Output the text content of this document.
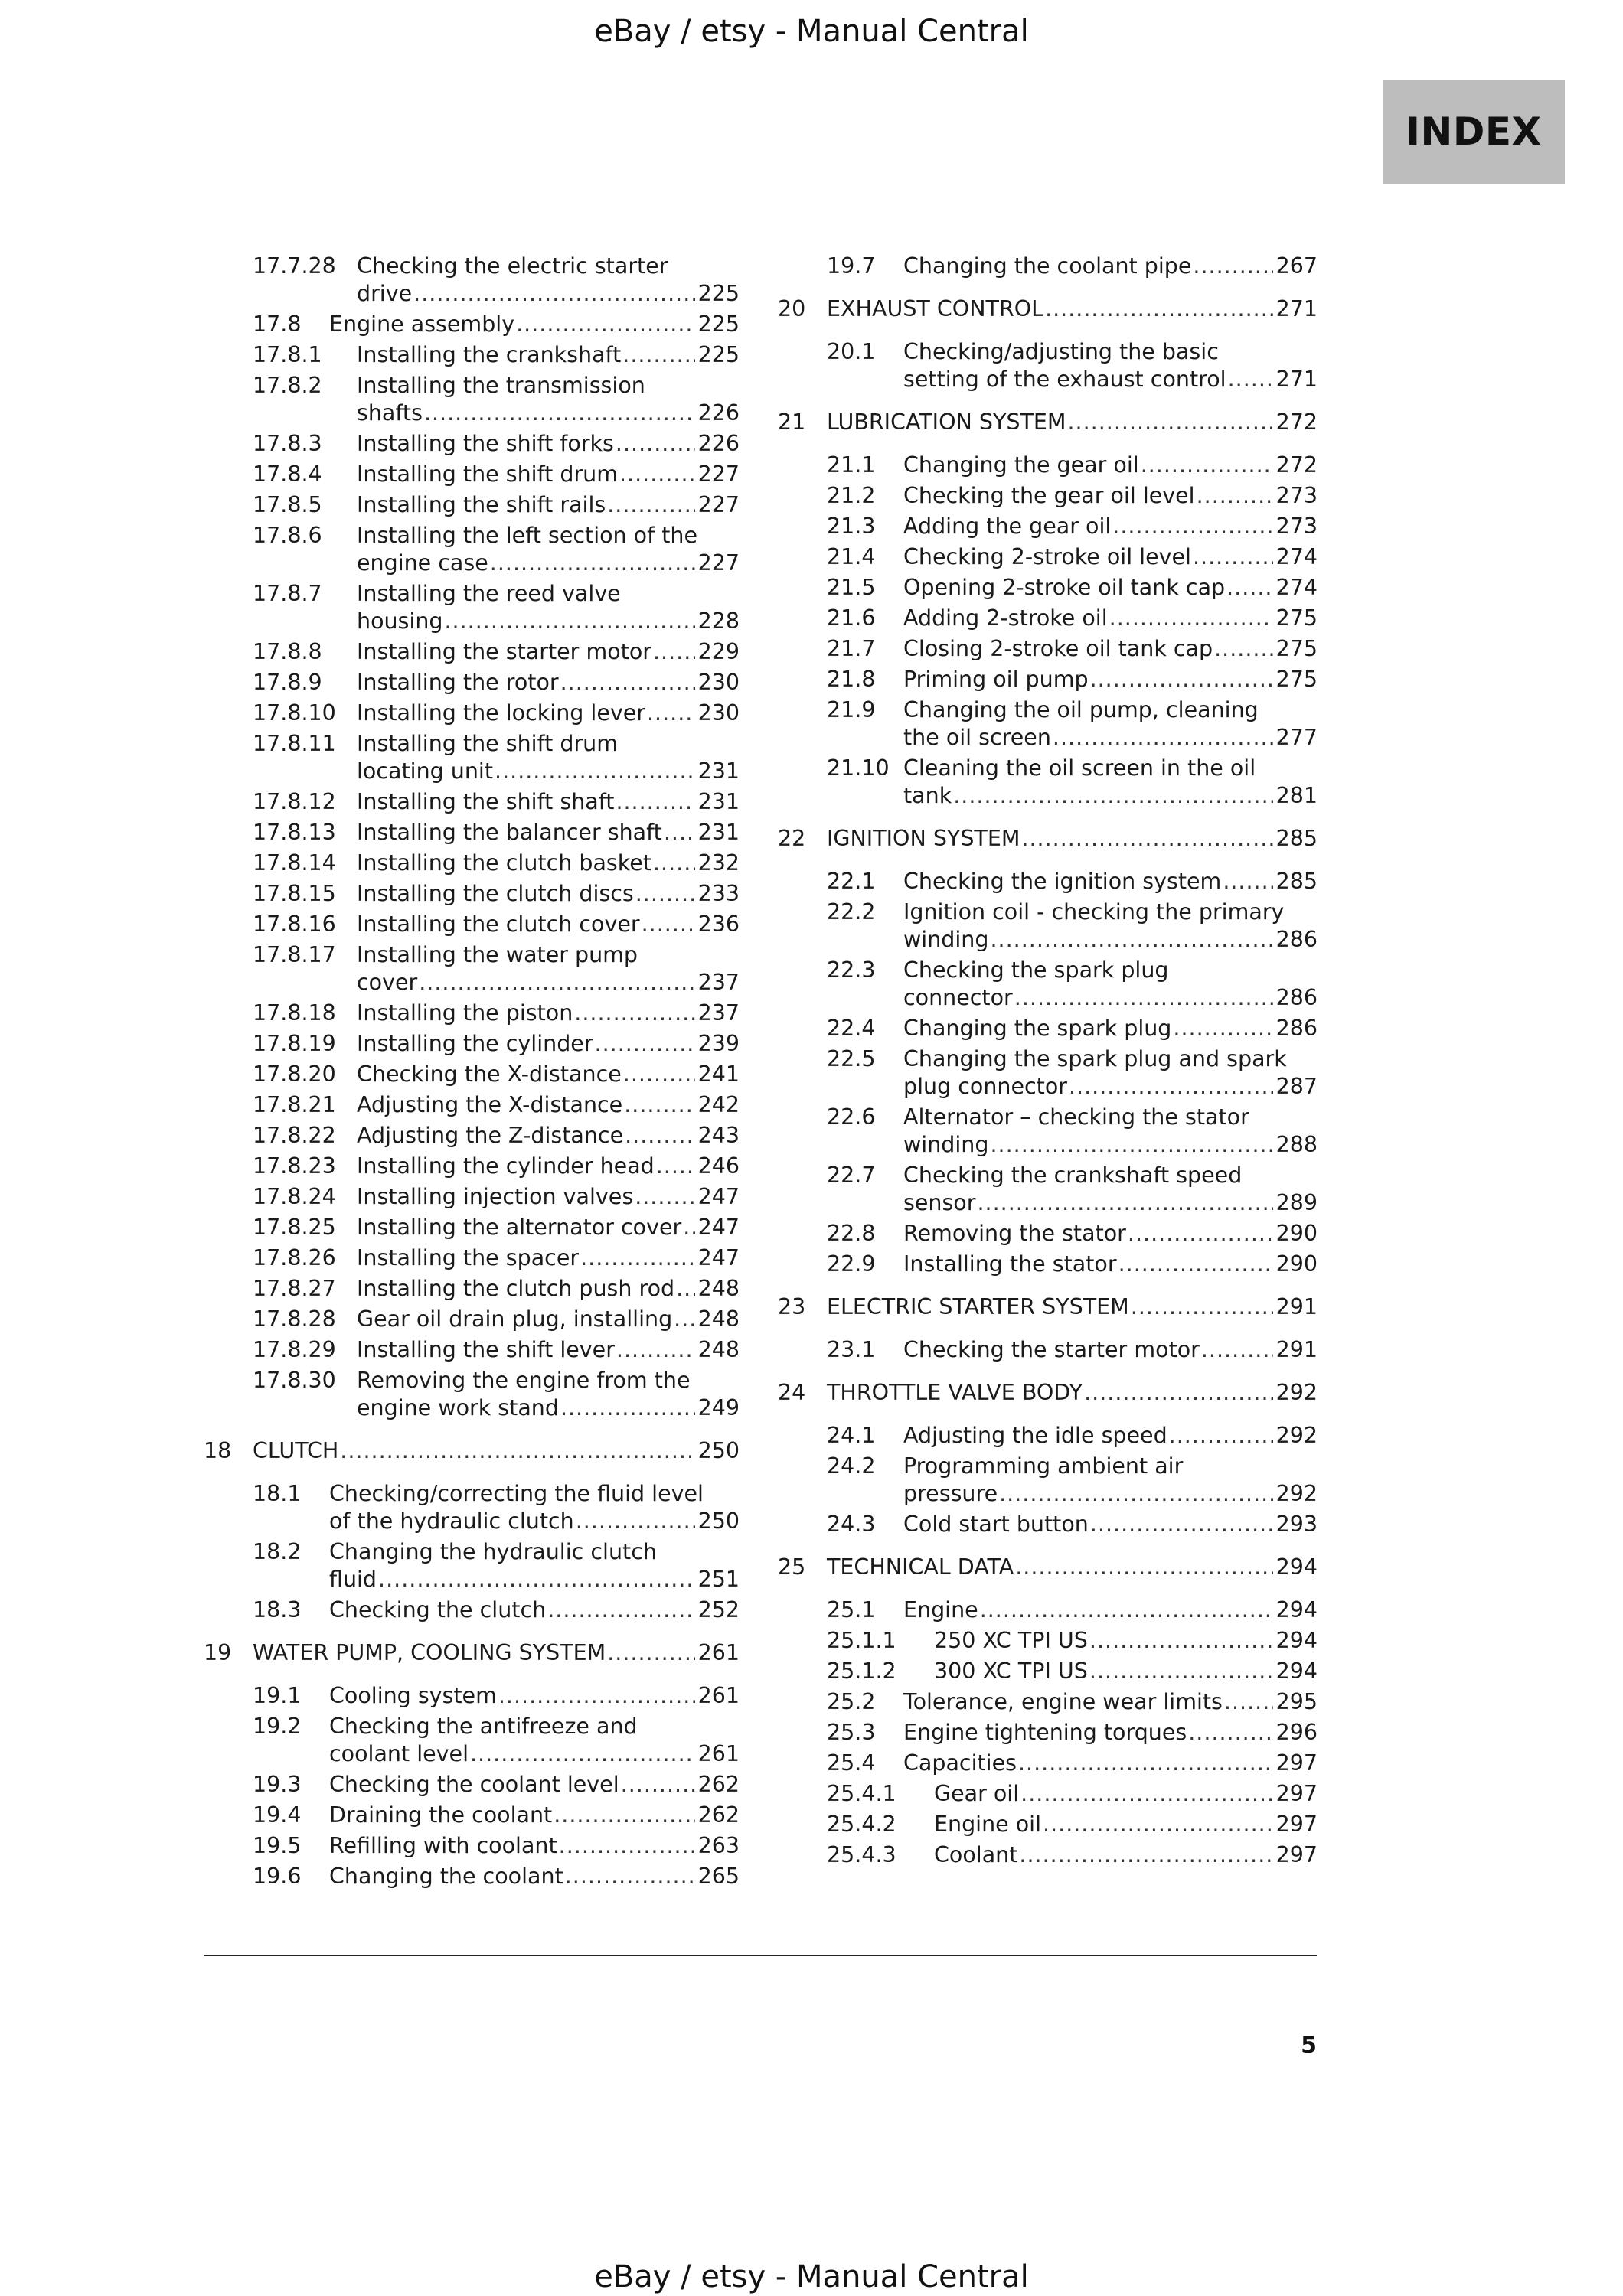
eBay / etsy - Manual Central
INDEX
17.7.28 Checking the electric starter
drive .....	225
17.8	Engine assembly .....	225
17.8.1	Installing the crankshaft .....	225
17.8.2	Installing the transmission
shafts .....	226
17.8.3	Installing the shift forks .....	226
17.8.4	Installing the shift drum .....	227
17.8.5	Installing the shift rails .....	227
17.8.6	Installing the left section of the
engine case .....	227
17.8.7	Installing the reed valve
housing .....	228
17.8.8	Installing the starter motor ..... 229
17.8.9	Installing the rotor .....	230
17.8.10 Installing the locking lever ..... 230
17.8.11 Installing the shift drum
locating unit .....	231
17.8.12 Installing the shift shaft .....	231
17.8.13 Installing the balancer shaft ..... 231
17.8.14 Installing the clutch basket ..... 232
17.8.15 Installing the clutch discs .....	233
17.8.16 Installing the clutch cover .....	236
17.8.17 Installing the water pump
cover .....	237
17.8.18 Installing the piston .....	237
17.8.19 Installing the cylinder .....	239
17.8.20 Checking the X-distance .....	241
17.8.21 Adjusting the X-distance .....	242
17.8.22 Adjusting the Z-distance .....	243
17.8.23 Installing the cylinder head ..... 246
17.8.24 Installing injection valves .....	247
17.8.25 Installing the alternator cover ..... 247
17.8.26 Installing the spacer .....	247
17.8.27 Installing the clutch push rod ..... 248
17.8.28 Gear oil drain plug, installing ..... 248
17.8.29 Installing the shift lever .....	248
17.8.30 Removing the engine from the
engine work stand .....	249
18 CLUTCH .....	250
18.1	Checking/correcting the fluid level
of the hydraulic clutch .....	250
18.2	Changing the hydraulic clutch
fluid .....	251
18.3	Checking the clutch .....	252
19 WATER PUMP, COOLING SYSTEM .....	261
19.1	Cooling system .....	261
19.2	Checking the antifreeze and
coolant level .....	261
19.3	Checking the coolant level .....	262
19.4	Draining the coolant .....	262
19.5	Refilling with coolant .....	263
19.6	Changing the coolant .....	265
19.7	Changing the coolant pipe .....	267
20 EXHAUST CONTROL .....	271
20.1	Checking/adjusting the basic
setting of the exhaust control ..... 271
21 LUBRICATION SYSTEM .....	272
21.1	Changing the gear oil .....	272
21.2	Checking the gear oil level .....	273
21.3	Adding the gear oil .....	273
21.4	Checking 2-stroke oil level .....	274
21.5	Opening 2-stroke oil tank cap ..... 274
21.6	Adding 2-stroke oil .....	275
21.7	Closing 2-stroke oil tank cap .....	275
21.8	Priming oil pump .....	275
21.9	Changing the oil pump, cleaning
the oil screen .....	277
21.10 Cleaning the oil screen in the oil
tank .....	281
22 IGNITION SYSTEM .....	285
22.1	Checking the ignition system .....	285
22.2	Ignition coil - checking the primary
winding .....	286
22.3	Checking the spark plug
connector .....	286
22.4	Changing the spark plug .....	286
22.5	Changing the spark plug and spark
plug connector .....	287
22.6	Alternator – checking the stator
winding .....	288
22.7	Checking the crankshaft speed
sensor .....	289
22.8	Removing the stator .....	290
22.9	Installing the stator .....	290
23 ELECTRIC STARTER SYSTEM .....	291
23.1	Checking the starter motor .....	291
24 THROTTLE VALVE BODY .....	292
24.1	Adjusting the idle speed .....	292
24.2	Programming ambient air
pressure .....	292
24.3	Cold start button .....	293
25 TECHNICAL DATA .....	294
25.1	Engine .....	294
25.1.1	250 XC TPI US .....	294
25.1.2	300 XC TPI US .....	294
25.2	Tolerance, engine wear limits ..... 295
25.3	Engine tightening torques .....	296
25.4	Capacities .....	297
25.4.1	Gear oil .....	297
25.4.2	Engine oil .....	297
25.4.3	Coolant .....	297
5
eBay / etsy - Manual Central
